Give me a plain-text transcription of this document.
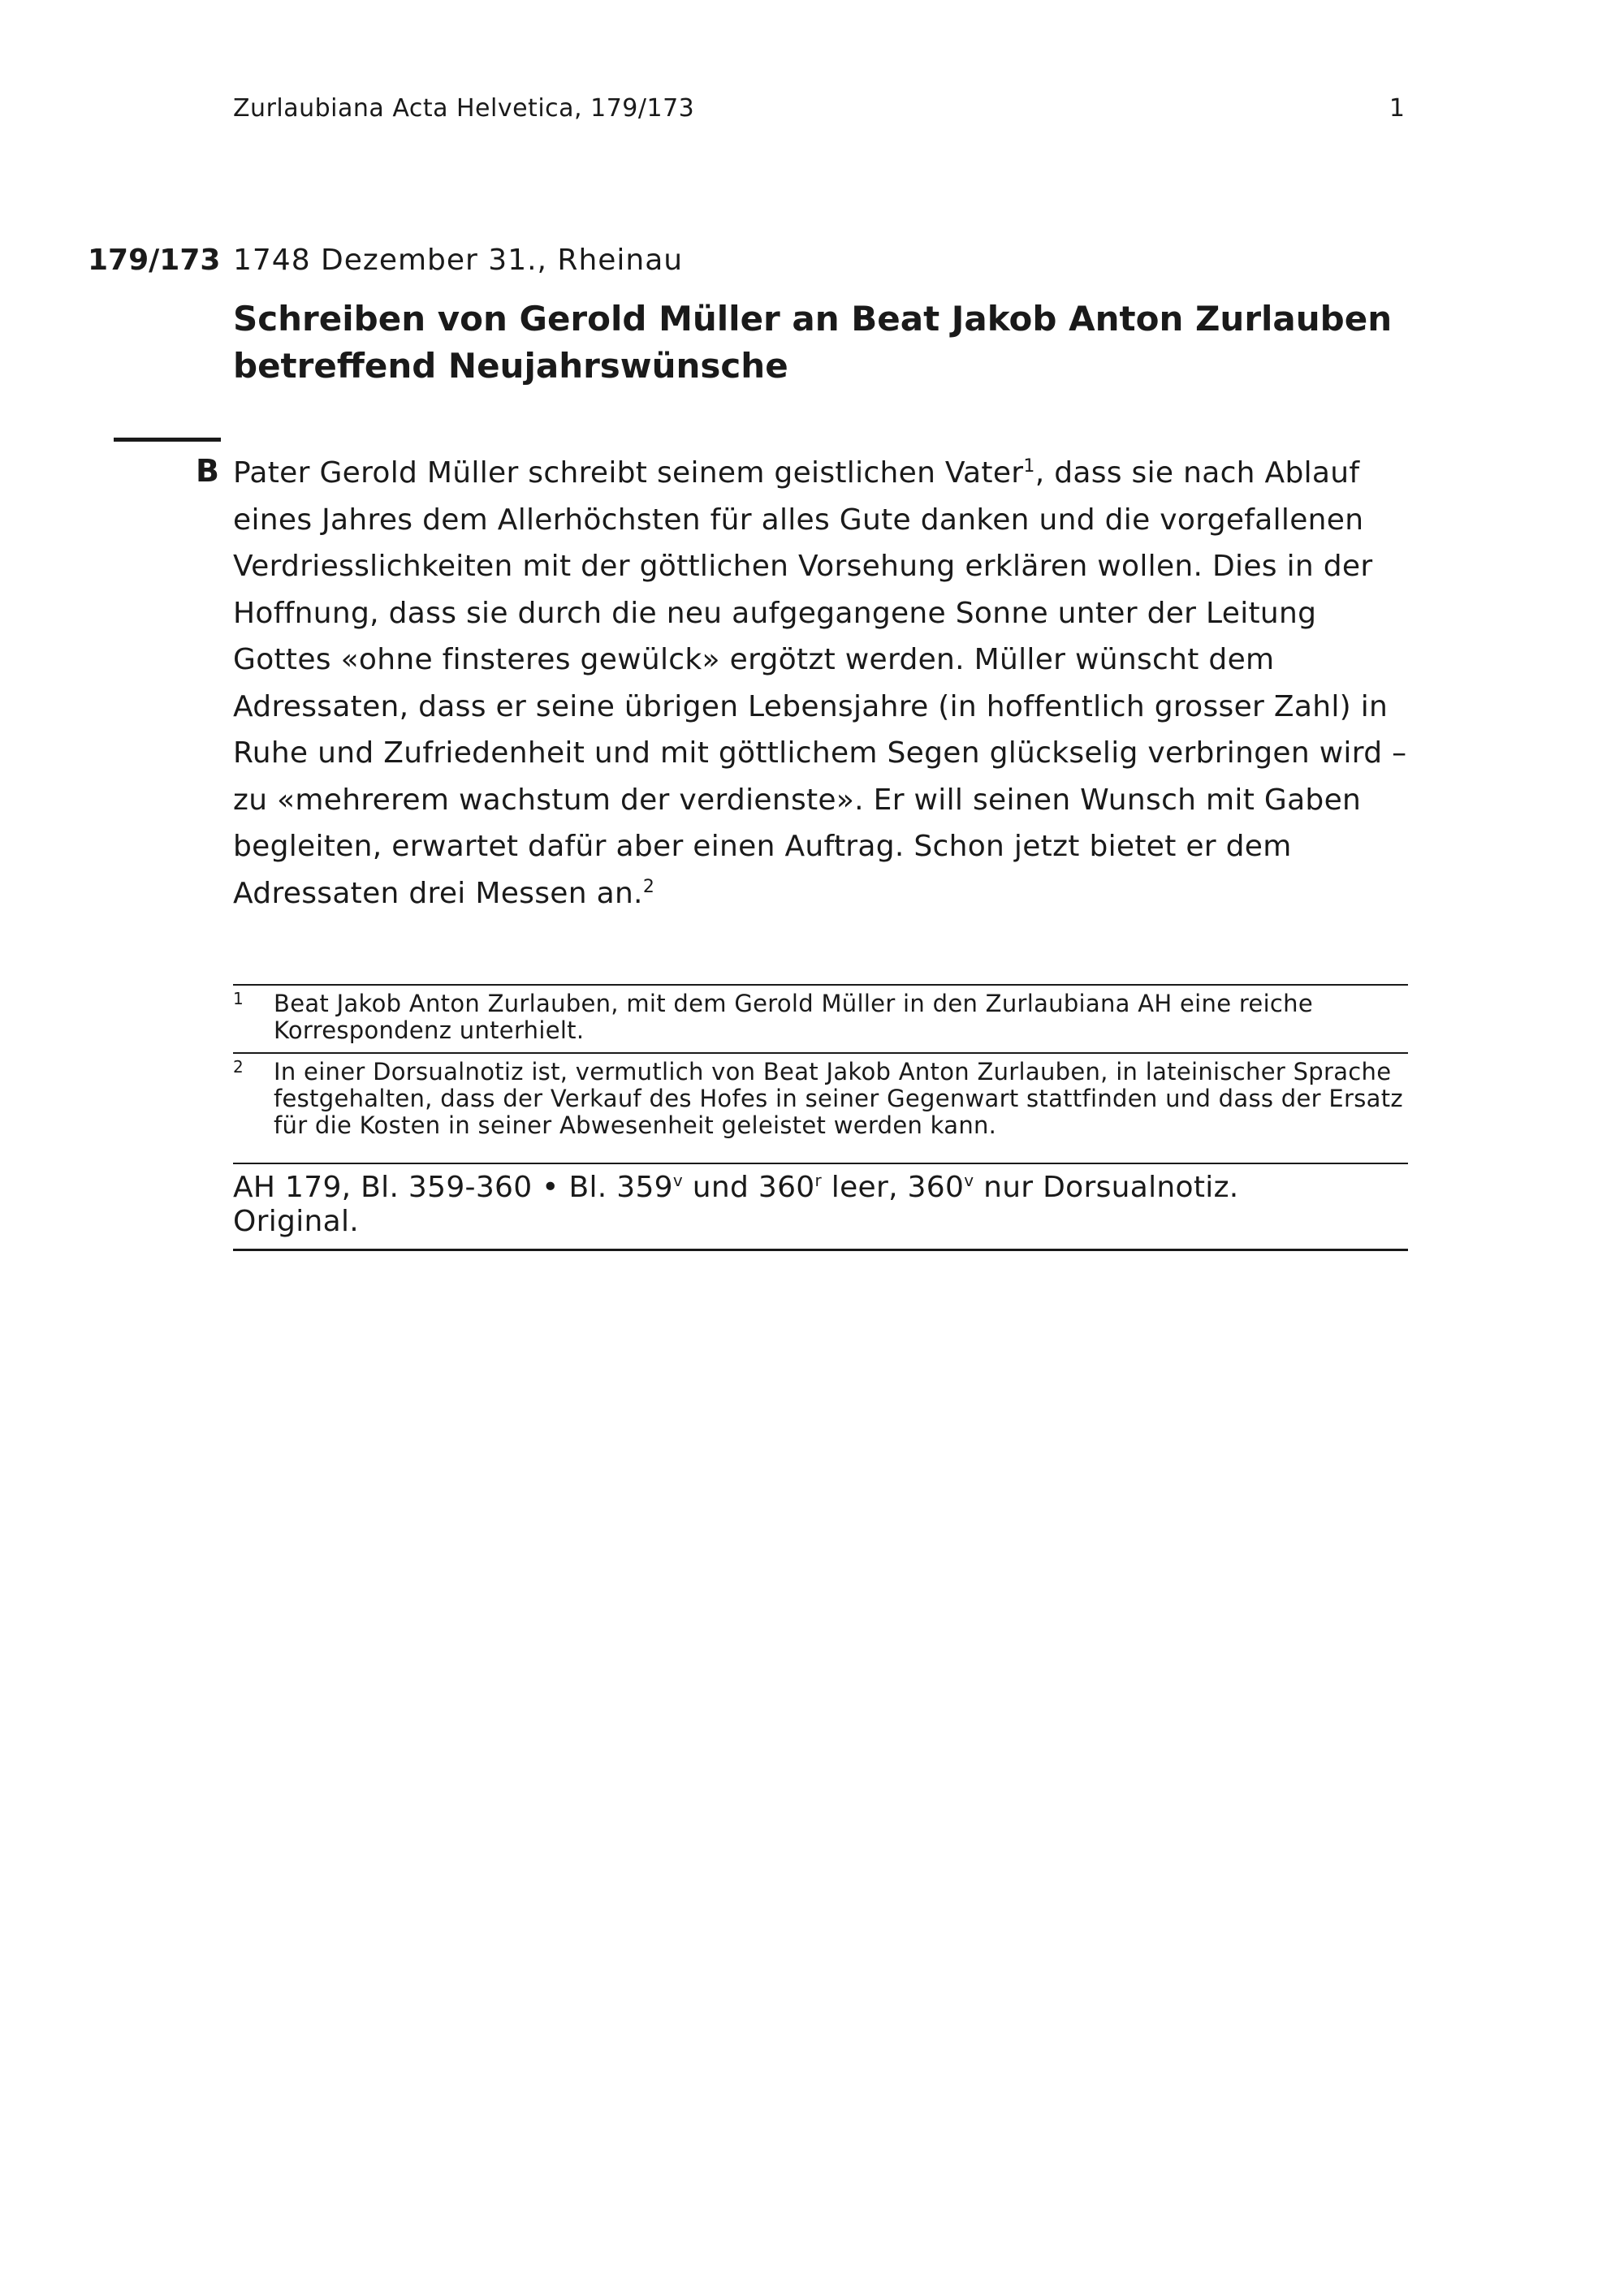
Zurlaubiana Acta Helvetica, 179/173	1
179/173 1748 Dezember 31., Rheinau
Schreiben von Gerold Müller an Beat Jakob Anton Zurlauben betreffend Neujahrswünsche
B Pater Gerold Müller schreibt seinem geistlichen Vater$^1$, dass sie nach Ablauf eines Jahres dem Allerhöchsten für alles Gute danken und die vorgefallenen Verdriesslichkeiten mit der göttlichen Vorsehung erklären wollen. Dies in der Hoffnung, dass sie durch die neu aufgegangene Sonne unter der Leitung Gottes «ohne finsteres gewülck» ergötzt werden. Müller wünscht dem Adressaten, dass er seine übrigen Lebensjahre (in hoffentlich grosser Zahl) in Ruhe und Zufriedenheit und mit göttlichem Segen glückselig verbringen wird – zu «mehrerem wachstum der verdienste». Er will seinen Wunsch mit Gaben begleiten, erwartet dafür aber einen Auftrag. Schon jetzt bietet er dem Adressaten drei Messen an.$^2$

1 Beat Jakob Anton Zurlauben, mit dem Gerold Müller in den Zurlaubiana AH eine reiche Korrespondenz unterhielt.
2 In einer Dorsualnotiz ist, vermutlich von Beat Jakob Anton Zurlauben, in lateinischer Sprache festgehalten, dass der Verkauf des Hofes in seiner Gegenwart stattfinden und dass der Ersatz für die Kosten in seiner Abwesenheit geleistet werden kann.
AH 179, Bl. 359-360 • Bl. 359$^v$ und 360$^r$ leer, 360$^v$ nur Dorsualnotiz.
Original.
